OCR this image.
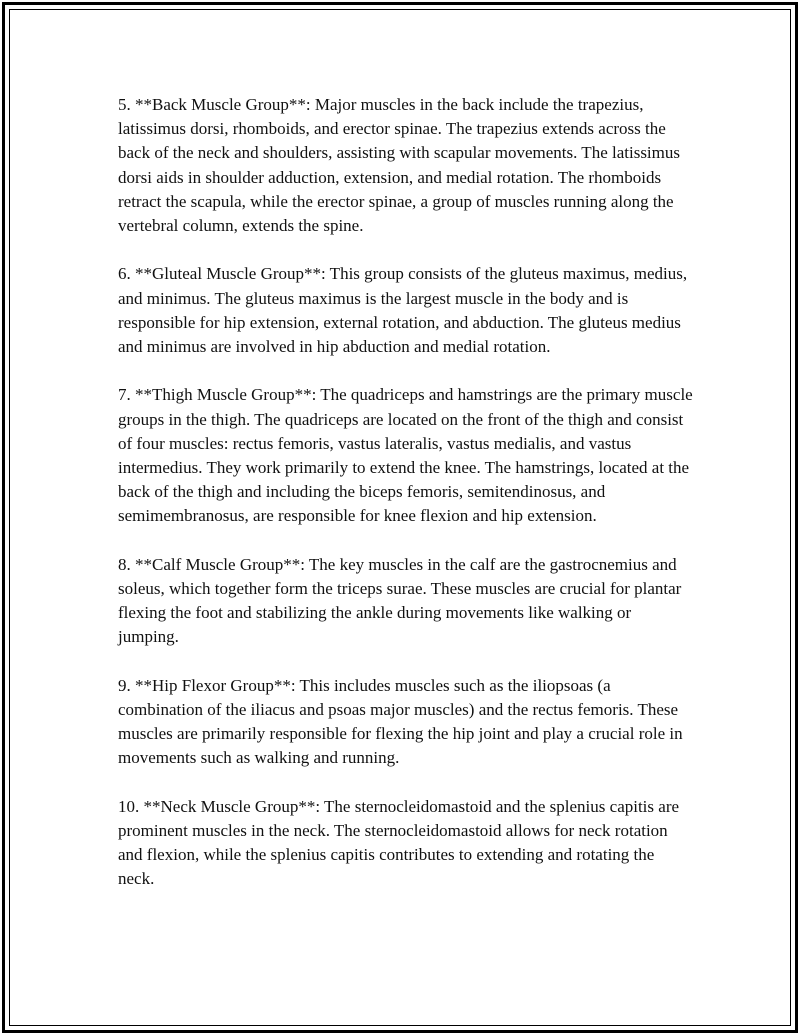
5. **Back Muscle Group**: Major muscles in the back include the trapezius, latissimus dorsi, rhomboids, and erector spinae. The trapezius extends across the back of the neck and shoulders, assisting with scapular movements. The latissimus dorsi aids in shoulder adduction, extension, and medial rotation. The rhomboids retract the scapula, while the erector spinae, a group of muscles running along the vertebral column, extends the spine.

6. **Gluteal Muscle Group**: This group consists of the gluteus maximus, medius, and minimus. The gluteus maximus is the largest muscle in the body and is responsible for hip extension, external rotation, and abduction. The gluteus medius and minimus are involved in hip abduction and medial rotation.

7. **Thigh Muscle Group**: The quadriceps and hamstrings are the primary muscle groups in the thigh. The quadriceps are located on the front of the thigh and consist of four muscles: rectus femoris, vastus lateralis, vastus medialis, and vastus intermedius. They work primarily to extend the knee. The hamstrings, located at the back of the thigh and including the biceps femoris, semitendinosus, and semimembranosus, are responsible for knee flexion and hip extension.

8. **Calf Muscle Group**: The key muscles in the calf are the gastrocnemius and soleus, which together form the triceps surae. These muscles are crucial for plantar flexing the foot and stabilizing the ankle during movements like walking or jumping.

9. **Hip Flexor Group**: This includes muscles such as the iliopsoas (a combination of the iliacus and psoas major muscles) and the rectus femoris. These muscles are primarily responsible for flexing the hip joint and play a crucial role in movements such as walking and running.

10. **Neck Muscle Group**: The sternocleidomastoid and the splenius capitis are prominent muscles in the neck. The sternocleidomastoid allows for neck rotation and flexion, while the splenius capitis contributes to extending and rotating the neck.
